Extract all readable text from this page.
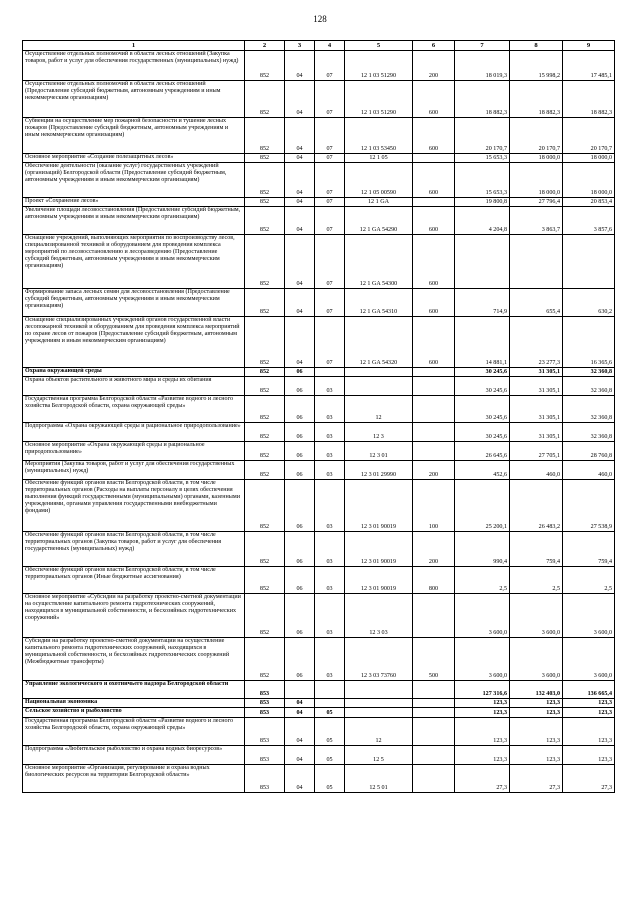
128
1	2	3	4	5	6	7	8	9
Осуществление отдельных полномочий в области лесных отношений (Закупка товаров, работ и услуг для обеспечения государственных (муниципальных) нужд)	852	04	07	12 1 03 51290	200	18 019,3	15 998,2	17 485,1
Осуществление отдельных полномочий в области лесных отношений (Предоставление субсидий бюджетным, автономным учреждениям и иным некоммерческим организациям)	852	04	07	12 1 03 51290	600	18 882,3	18 882,3	18 882,3
Субвенции на осуществление мер пожарной безопасности и тушение лесных пожаров (Предоставление субсидий бюджетным, автономным учреждениям и иным некоммерческим организациям)	852	04	07	12 1 03 53450	600	20 170,7	20 170,7	20 170,7
Основное мероприятие «Создание полезащитных лесов»	852	04	07	12 1 05		15 653,3	18 000,0	18 000,0
Обеспечение деятельности (оказание услуг) государственных учреждений (организаций) Белгородской области (Предоставление субсидий бюджетным, автономным учреждениям и иным некоммерческим организациям)	852	04	07	12 1 05 00590	600	15 653,3	18 000,0	18 000,0
Проект «Сохранение лесов»	852	04	07	12 1 GA		19 800,8	27 796,4	20 853,4
Увеличение площади лесовосстановления (Предоставление субсидий бюджетным, автономным учреждениям и иным некоммерческим организациям)	852	04	07	12 1 GA 54290	600	4 204,8	3 863,7	3 857,6
Оснащение учреждений, выполняющих мероприятия по воспроизводству лесов, специализированной техникой и оборудованием для проведения комплекса мероприятий по лесовосстановлению и лесоразведению (Предоставление субсидий бюджетным, автономным учреждениям и иным некоммерческим организациям)	852	04	07	12 1 GA 54300	600			
Формирование запаса лесных семян для лесовосстановления (Предоставление субсидий бюджетным, автономным учреждениям и иным некоммерческим организациям)	852	04	07	12 1 GA 54310	600	714,9	655,4	630,2
Оснащение специализированных учреждений органов государственной власти лесопожарной техникой и оборудованием для проведения комплекса мероприятий по охране лесов от пожаров (Предоставление субсидий бюджетным, автономным учреждениям и иным некоммерческим организациям)	852	04	07	12 1 GA 54320	600	14 881,1	23 277,3	16 365,6
Охрана окружающей среды	852	06				30 245,6	31 305,1	32 360,8
Охрана объектов растительного и животного мира и среды их обитания	852	06	03			30 245,6	31 305,1	32 360,8
Государственная программа Белгородской области «Развитие водного и лесного хозяйства Белгородской области, охрана окружающей среды»	852	06	03	12		30 245,6	31 305,1	32 360,8
Подпрограмма «Охрана окружающей среды и рациональное природопользование»	852	06	03	12 3		30 245,6	31 305,1	32 360,8
Основное мероприятие «Охрана окружающей среды и рациональное природопользование»	852	06	03	12 3 01		26 645,6	27 705,1	28 760,8
Мероприятия (Закупка товаров, работ и услуг для обеспечения государственных (муниципальных) нужд)	852	06	03	12 3 01 29990	200	452,6	460,0	460,0
Обеспечение функций органов власти Белгородской области, в том числе территориальных органов (Расходы на выплаты персоналу в целях обеспечения выполнения функций государственными (муниципальными) органами, казенными учреждениями, органами управления государственными внебюджетными фондами)	852	06	03	12 3 01 90019	100	25 200,1	26 483,2	27 538,9
Обеспечение функций органов власти Белгородской области, в том числе территориальных органов (Закупка товаров, работ и услуг для обеспечения государственных (муниципальных) нужд)	852	06	03	12 3 01 90019	200	990,4	759,4	759,4
Обеспечение функций органов власти Белгородской области, в том числе территориальных органов (Иные бюджетные ассигнования)	852	06	03	12 3 01 90019	800	2,5	2,5	2,5
Основное мероприятие «Субсидии на разработку проектно-сметной документации на осуществление капитального ремонта гидротехнических сооружений, находящихся в муниципальной собственности, и бесхозяйных гидротехнических сооружений»	852	06	03	12 3 03		3 600,0	3 600,0	3 600,0
Субсидии на разработку проектно-сметной документации на осуществление капитального ремонта гидротехнических сооружений, находящихся в муниципальной собственности, и бесхозяйных гидротехнических сооружений (Межбюджетные трансферты)	852	06	03	12 3 03 73760	500	3 600,0	3 600,0	3 600,0
Управление экологического и охотничьего надзора Белгородской области	853					127 316,6	132 403,0	136 665,4
Национальная экономика	853	04				123,3	123,3	123,3
Сельское хозяйство и рыболовство	853	04	05			123,3	123,3	123,3
Государственная программа Белгородской области «Развитие водного и лесного хозяйства Белгородской области, охрана окружающей среды»	853	04	05	12		123,3	123,3	123,3
Подпрограмма «Любительское рыболовство и охрана водных биоресурсов»	853	04	05	12 5		123,3	123,3	123,3
Основное мероприятие «Организация, регулирование и охрана водных биологических ресурсов на территории Белгородской области»	853	04	05	12 5 01		27,3	27,3	27,3
